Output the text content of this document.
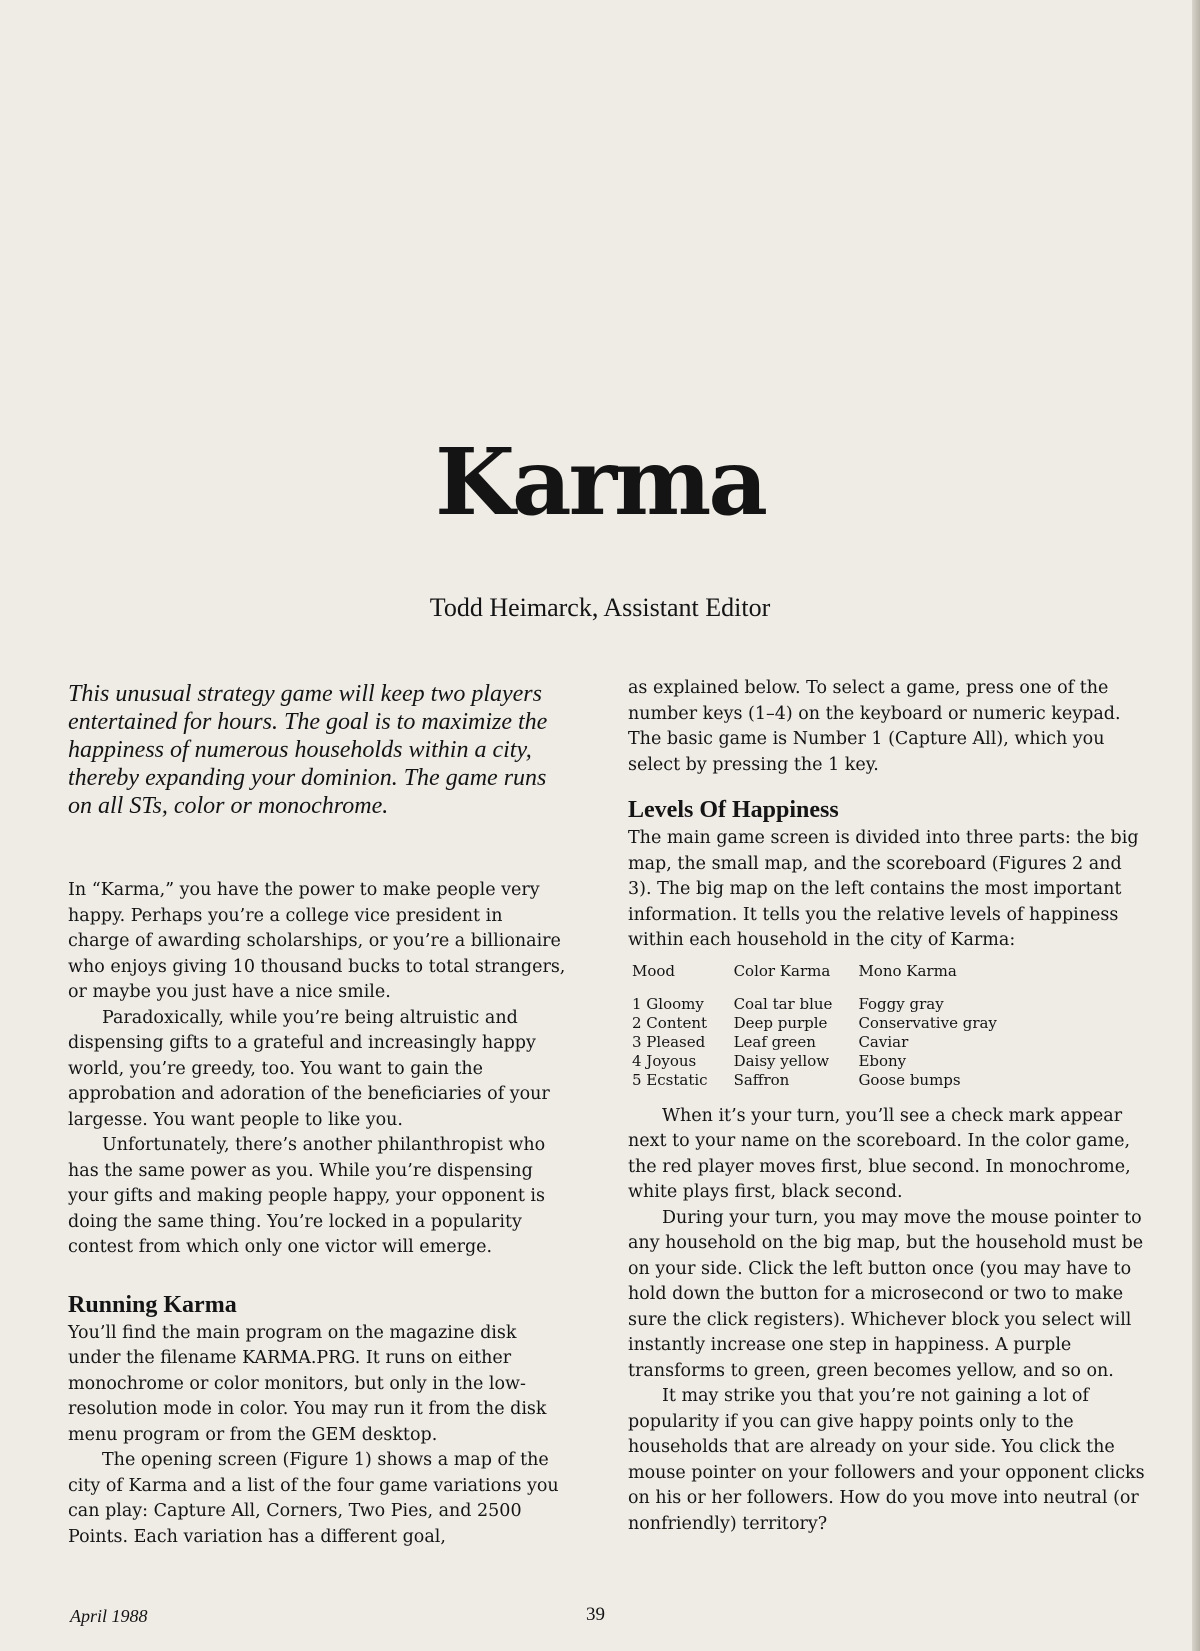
Karma
Todd Heimarck, Assistant Editor

This unusual strategy game will keep two players entertained for hours. The goal is to maximize the happiness of numerous households within a city, thereby expanding your dominion. The game runs on all STs, color or monochrome.

In “Karma,” you have the power to make people very happy. Perhaps you’re a college vice president in charge of awarding scholarships, or you’re a billionaire who enjoys giving 10 thousand bucks to total strangers, or maybe you just have a nice smile.

Paradoxically, while you’re being altruistic and dispensing gifts to a grateful and increasingly happy world, you’re greedy, too. You want to gain the approbation and adoration of the beneficiaries of your largesse. You want people to like you.

Unfortunately, there’s another philanthropist who has the same power as you. While you’re dispensing your gifts and making people happy, your opponent is doing the same thing. You’re locked in a popularity contest from which only one victor will emerge.

Running Karma

You’ll find the main program on the magazine disk under the filename KARMA.PRG. It runs on either monochrome or color monitors, but only in the low-resolution mode in color. You may run it from the disk menu program or from the GEM desktop.

The opening screen (Figure 1) shows a map of the city of Karma and a list of the four game variations you can play: Capture All, Corners, Two Pies, and 2500 Points. Each variation has a different goal,

as explained below. To select a game, press one of the number keys (1–4) on the keyboard or numeric keypad. The basic game is Number 1 (Capture All), which you select by pressing the 1 key.

Levels Of Happiness

The main game screen is divided into three parts: the big map, the small map, and the scoreboard (Figures 2 and 3). The big map on the left contains the most important information. It tells you the relative levels of happiness within each household in the city of Karma:

Mood	Color Karma	Mono Karma
1 Gloomy	Coal tar blue	Foggy gray
2 Content	Deep purple	Conservative gray
3 Pleased	Leaf green	Caviar
4 Joyous	Daisy yellow	Ebony
5 Ecstatic	Saffron	Goose bumps

When it’s your turn, you’ll see a check mark appear next to your name on the scoreboard. In the color game, the red player moves first, blue second. In monochrome, white plays first, black second.

During your turn, you may move the mouse pointer to any household on the big map, but the household must be on your side. Click the left button once (you may have to hold down the button for a microsecond or two to make sure the click registers). Whichever block you select will instantly increase one step in happiness. A purple transforms to green, green becomes yellow, and so on.

It may strike you that you’re not gaining a lot of popularity if you can give happy points only to the households that are already on your side. You click the mouse pointer on your followers and your opponent clicks on his or her followers. How do you move into neutral (or nonfriendly) territory?

April 1988	39
